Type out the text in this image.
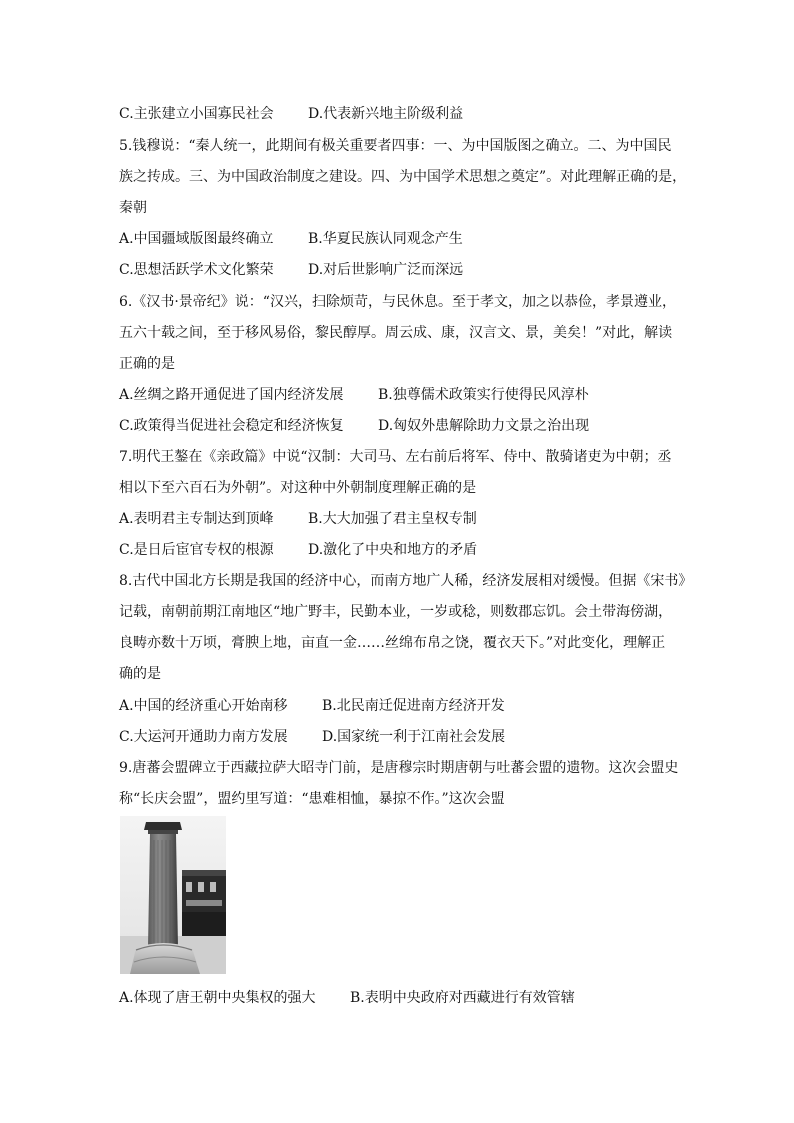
C.主张建立小国寡民社会 D.代表新兴地主阶级利益
5.钱穆说：“秦人统一，此期间有极关重要者四事：一、为中国版图之确立。二、为中国民
族之抟成。三、为中国政治制度之建设。四、为中国学术思想之奠定”。对此理解正确的是，
秦朝
A.中国疆域版图最终确立 B.华夏民族认同观念产生
C.思想活跃学术文化繁荣 D.对后世影响广泛而深远
6.《汉书·景帝纪》说：“汉兴，扫除烦苛，与民休息。至于孝文，加之以恭俭，孝景遵业，
五六十载之间，至于移风易俗，黎民醇厚。周云成、康，汉言文、景，美矣！”对此，解读
正确的是
A.丝绸之路开通促进了国内经济发展 B.独尊儒术政策实行使得民风淳朴
C.政策得当促进社会稳定和经济恢复 D.匈奴外患解除助力文景之治出现
7.明代王鏊在《亲政篇》中说“汉制：大司马、左右前后将军、侍中、散骑诸吏为中朝；丞
相以下至六百石为外朝”。对这种中外朝制度理解正确的是
A.表明君主专制达到顶峰 B.大大加强了君主皇权专制
C.是日后宦官专权的根源 D.激化了中央和地方的矛盾
8.古代中国北方长期是我国的经济中心，而南方地广人稀，经济发展相对缓慢。但据《宋书》
记载，南朝前期江南地区“地广野丰，民勤本业，一岁或稔，则数郡忘饥。会土带海傍湖，
良畴亦数十万顷，膏腴上地，亩直一金……丝绵布帛之饶，覆衣天下。”对此变化，理解正
确的是
A.中国的经济重心开始南移 B.北民南迁促进南方经济开发
C.大运河开通助力南方发展 D.国家统一利于江南社会发展
9.唐蕃会盟碑立于西藏拉萨大昭寺门前，是唐穆宗时期唐朝与吐蕃会盟的遗物。这次会盟史
称“长庆会盟”，盟约里写道：“患难相恤，暴掠不作。”这次会盟
A.体现了唐王朝中央集权的强大 B.表明中央政府对西藏进行有效管辖
